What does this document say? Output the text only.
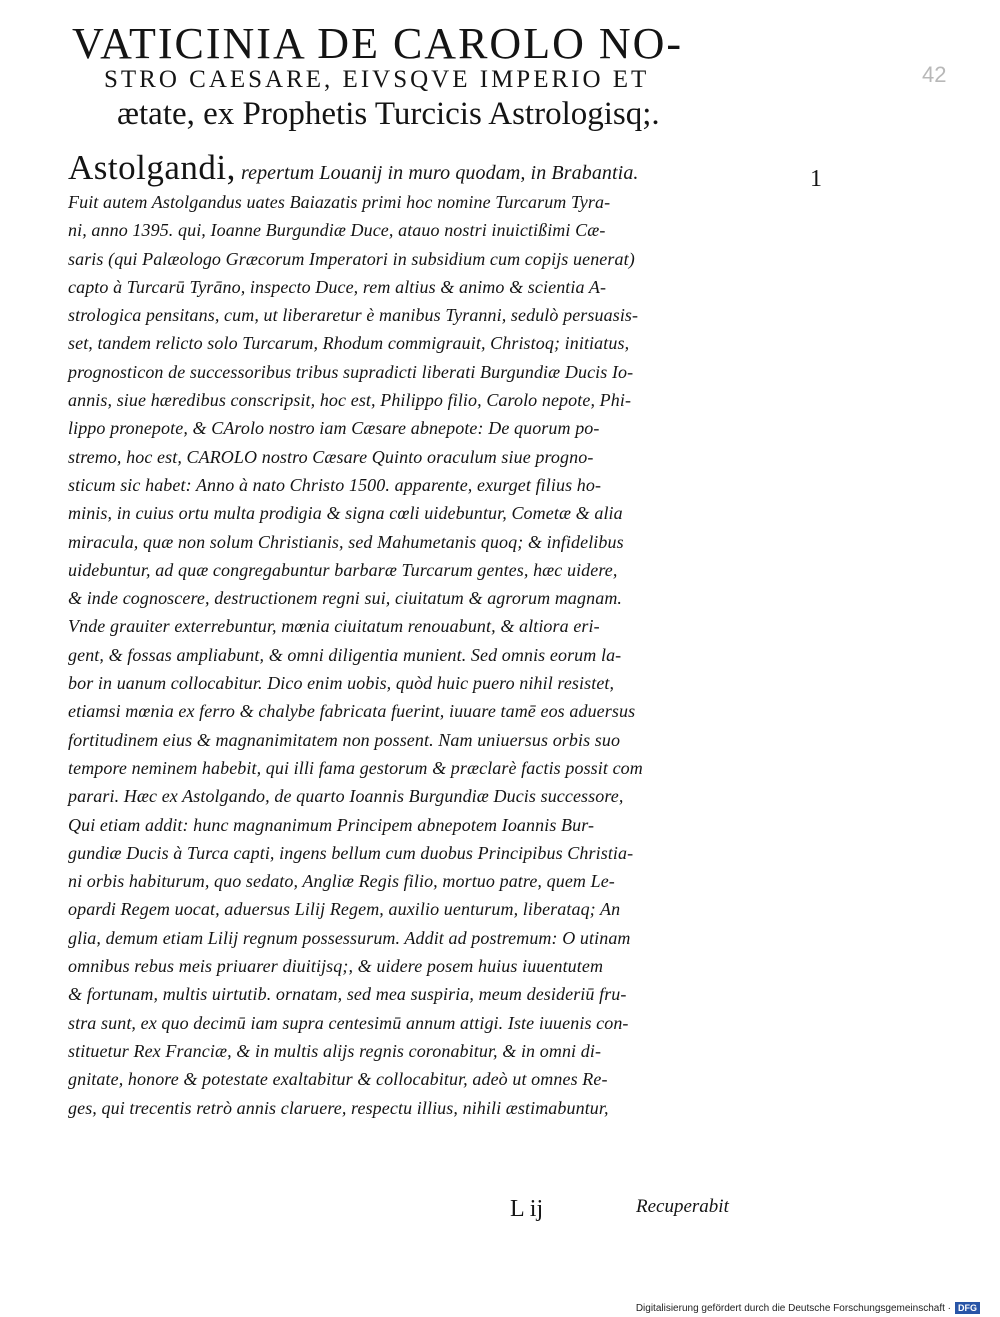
VATICINIA DE CAROLO NO-
STRO CAESARE, EIVSQVE IMPERIO ET
ætate, ex Prophetis Turcicis Astrologisq;.
42
1
Astolgandi, repertum Louanij in muro quodam, in Brabantia.
Fuit autem Astolgandus uates Baiazatis primi hoc nomine Turcarum Tyra-
ni, anno 1395. qui, Ioanne Burgundiæ Duce, atauo nostri inuictißimi Cæ-
saris (qui Palæologo Græcorum Imperatori in subsidium cum copijs uenerat)
capto à Turcarū Tyrāno, inspecto Duce, rem altius & animo & scientia A-
strologica pensitans, cum, ut liberaretur è manibus Tyranni, sedulò persuasis-
set, tandem relicto solo Turcarum, Rhodum commigrauit, Christoq; initiatus,
prognosticon de successoribus tribus supradicti liberati Burgundiæ Ducis Io-
annis, siue hæredibus conscripsit, hoc est, Philippo filio, Carolo nepote, Phi-
lippo pronepote, & CArolo nostro iam Cæsare abnepote: De quorum po-
stremo, hoc est, CAROLO nostro Cæsare Quinto oraculum siue progno-
sticum sic habet: Anno à nato Christo 1500. apparente, exurget filius ho-
minis, in cuius ortu multa prodigia & signa cœli uidebuntur, Cometæ & alia
miracula, quæ non solum Christianis, sed Mahumetanis quoq; & infidelibus
uidebuntur, ad quæ congregabuntur barbaræ Turcarum gentes, hæc uidere,
& inde cognoscere, destructionem regni sui, ciuitatum & agrorum magnam.
Vnde grauiter exterrebuntur, mœnia ciuitatum renouabunt, & altiora eri-
gent, & fossas ampliabunt, & omni diligentia munient. Sed omnis eorum la-
bor in uanum collocabitur. Dico enim uobis, quòd huic puero nihil resistet,
etiamsi mœnia ex ferro & chalybe fabricata fuerint, iuuare tamē eos aduersus
fortitudinem eius & magnanimitatem non possent. Nam uniuersus orbis suo
tempore neminem habebit, qui illi fama gestorum & præclarè factis possit com
parari. Hæc ex Astolgando, de quarto Ioannis Burgundiæ Ducis successore,
Qui etiam addit: hunc magnanimum Principem abnepotem Ioannis Bur-
gundiæ Ducis à Turca capti, ingens bellum cum duobus Principibus Christia-
ni orbis habiturum, quo sedato, Angliæ Regis filio, mortuo patre, quem Le-
opardi Regem uocat, aduersus Lilij Regem, auxilio uenturum, liberataq; An
glia, demum etiam Lilij regnum possessurum. Addit ad postremum: O utinam
omnibus rebus meis priuarer diuitijsq;, & uidere posem huius iuuentutem
& fortunam, multis uirtutib. ornatam, sed mea suspiria, meum desideriū fru-
stra sunt, ex quo decimū iam supra centesimū annum attigi. Iste iuuenis con-
stituetur Rex Franciæ, & in multis alijs regnis coronabitur, & in omni di-
gnitate, honore & potestate exaltabitur & collocabitur, adeò ut omnes Re-
ges, qui trecentis retrò annis claruere, respectu illius, nihili æstimabuntur,
L ij	Recuperabit
Digitalisierung gefördert durch die Deutsche Forschungsgemeinschaft · DFG
